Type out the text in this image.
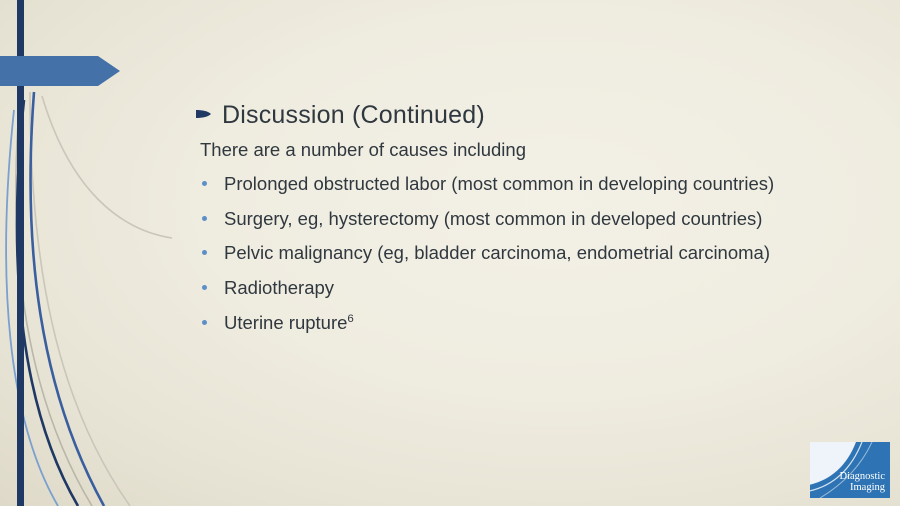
Discussion (Continued)
There are a number of causes including
Prolonged obstructed labor (most common in developing countries)
Surgery, eg, hysterectomy (most common in developed countries)
Pelvic malignancy (eg, bladder carcinoma, endometrial carcinoma)
Radiotherapy
Uterine rupture$^6$
Diagnostic
Imaging
